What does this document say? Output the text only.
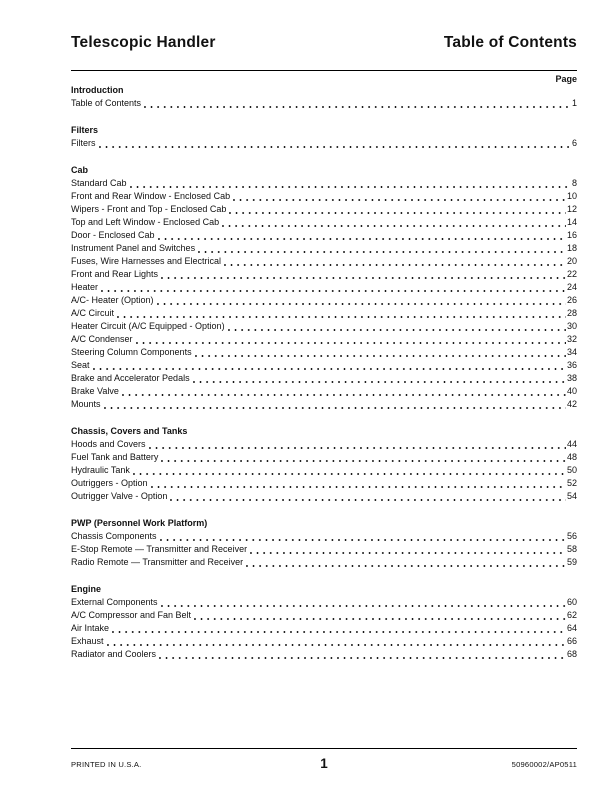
Telescopic Handler	Table of Contents
Page
Introduction
Table of Contents	1
Filters
Filters	6
Cab
Standard Cab	8
Front and Rear Window - Enclosed Cab	10
Wipers - Front and Top - Enclosed Cab	12
Top and Left Window - Enclosed Cab	14
Door - Enclosed Cab	16
Instrument Panel and Switches	18
Fuses, Wire Harnesses and Electrical	20
Front and Rear Lights	22
Heater	24
A/C- Heater (Option)	26
A/C Circuit	28
Heater Circuit (A/C Equipped - Option)	30
A/C Condenser	32
Steering Column Components	34
Seat	36
Brake and Accelerator Pedals	38
Brake Valve	40
Mounts	42
Chassis, Covers and Tanks
Hoods and Covers	44
Fuel Tank and Battery	48
Hydraulic Tank	50
Outriggers - Option	52
Outrigger Valve - Option	54
PWP (Personnel Work Platform)
Chassis Components	56
E-Stop Remote — Transmitter and Receiver	58
Radio Remote — Transmitter and Receiver	59
Engine
External Components	60
A/C Compressor and Fan Belt	62
Air Intake	64
Exhaust	66
Radiator and Coolers	68
PRINTED IN U.S.A.	1	50960002/AP0511
